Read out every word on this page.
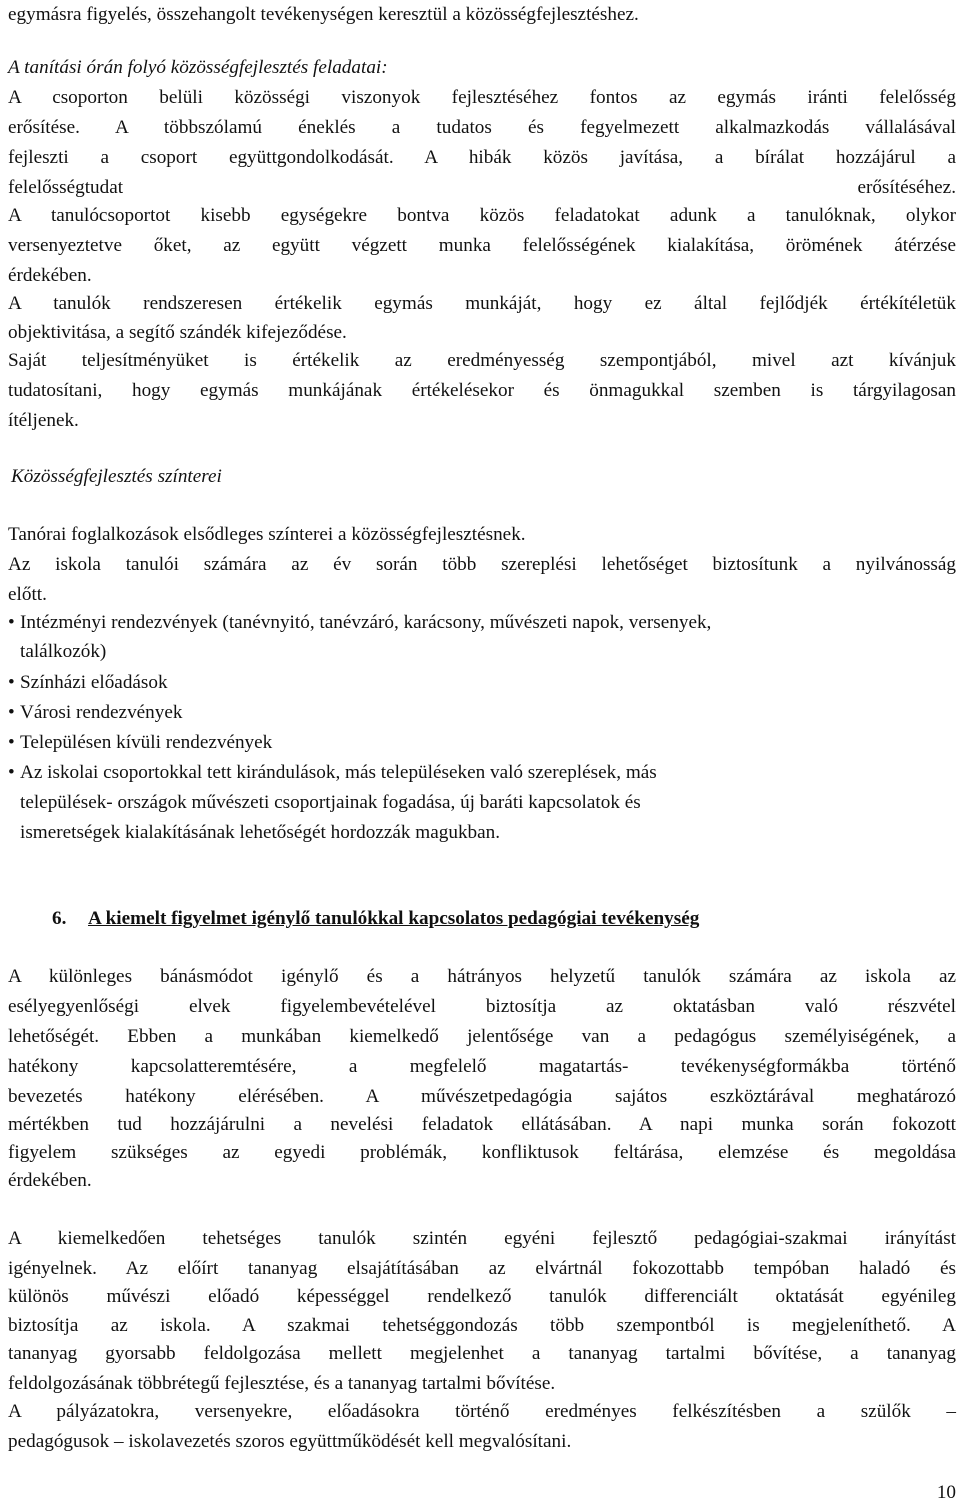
egymásra figyelés, összehangolt tevékenységen keresztül a közösségfejlesztéshez.
A tanítási órán folyó közösségfejlesztés feladatai:
A csoporton belüli közösségi viszonyok fejlesztéséhez fontos az egymás iránti felelősség
erősítése. A többszólamú éneklés a tudatos és fegyelmezett alkalmazkodás vállalásával
fejleszti a csoport együttgondolkodását. A hibák közös javítása, a bírálat hozzájárul a
felelősségtudat	erősítéséhez.
A tanulócsoportot kisebb egységekre bontva közös feladatokat adunk a tanulóknak, olykor
versenyeztetve őket, az együtt végzett munka felelősségének kialakítása, örömének átérzése
érdekében.
A tanulók rendszeresen értékelik egymás munkáját, hogy ez által fejlődjék értékítéletük
objektivitása, a segítő szándék kifejeződése.
Saját teljesítményüket is értékelik az eredményesség szempontjából, mivel azt kívánjuk
tudatosítani, hogy egymás munkájának értékelésekor és önmagukkal szemben is tárgyilagosan
ítéljenek.
Közösségfejlesztés színterei
Tanórai foglalkozások elsődleges színterei a közösségfejlesztésnek.
Az iskola tanulói számára az év során több szereplési lehetőséget biztosítunk a nyilvánosság
előtt.
• Intézményi rendezvények (tanévnyitó, tanévzáró, karácsony, művészeti napok, versenyek,
találkozók)
• Színházi előadások
• Városi rendezvények
• Településen kívüli rendezvények
• Az iskolai csoportokkal tett kirándulások, más településeken való szereplések, más
települések- országok művészeti csoportjainak fogadása, új baráti kapcsolatok és
ismeretségek kialakításának lehetőségét hordozzák magukban.
6. A kiemelt figyelmet igénylő tanulókkal kapcsolatos pedagógiai tevékenység
A különleges bánásmódot igénylő és a hátrányos helyzetű tanulók számára az iskola az
esélyegyenlőségi elvek figyelembevételével biztosítja az oktatásban való részvétel
lehetőségét. Ebben a munkában kiemelkedő jelentősége van a pedagógus személyiségének, a
hatékony kapcsolatteremtésére, a megfelelő magatartás- tevékenységformákba történő
bevezetés hatékony elérésében. A művészetpedagógia sajátos eszköztárával meghatározó
mértékben tud hozzájárulni a nevelési feladatok ellátásában. A napi munka során fokozott
figyelem szükséges az egyedi problémák, konfliktusok feltárása, elemzése és megoldása
érdekében.
A kiemelkedően tehetséges tanulók szintén egyéni fejlesztő pedagógiai-szakmai irányítást
igényelnek. Az előírt tananyag elsajátításában az elvártnál fokozottabb tempóban haladó és
különös művészi előadó képességgel rendelkező tanulók differenciált oktatását egyénileg
biztosítja az iskola. A szakmai tehetséggondozás több szempontból is megjeleníthető. A
tananyag gyorsabb feldolgozása mellett megjelenhet a tananyag tartalmi bővítése, a tananyag
feldolgozásának többrétegű fejlesztése, és a tananyag tartalmi bővítése.
A pályázatokra, versenyekre, előadásokra történő eredményes felkészítésben a szülők –
pedagógusok – iskolavezetés szoros együttműködését kell megvalósítani.
10
